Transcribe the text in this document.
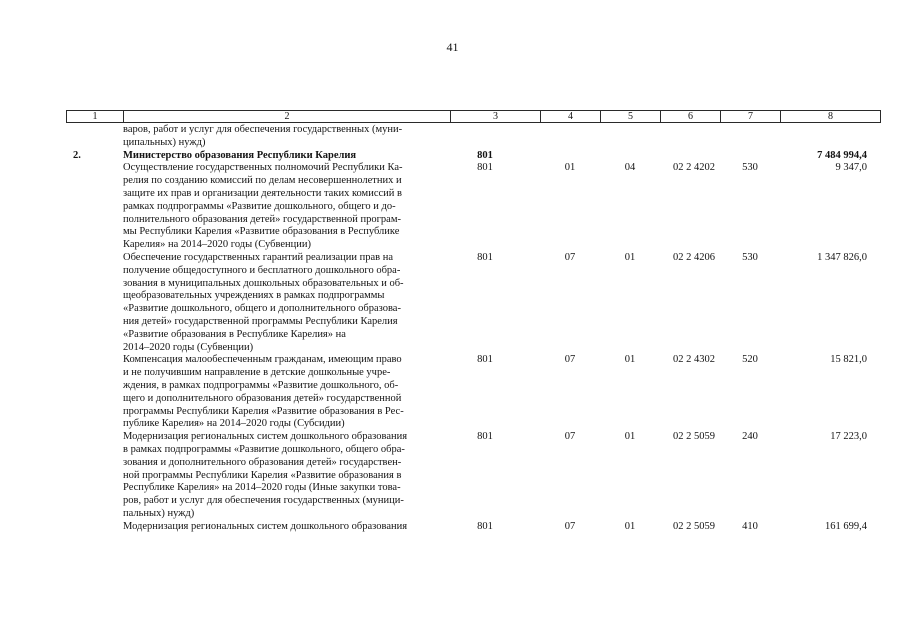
41
1	2	3	4	5	6	7	8
варов, работ и услуг для обеспечения государственных (муни-
ципальных) нужд)
2.	Министерство образования Республики Карелия	801	7 484 994,4
Осуществление государственных полномочий Республики Ка-
релия по созданию комиссий по делам несовершеннолетних и
защите их прав и организации деятельности таких комиссий в
рамках подпрограммы «Развитие дошкольного, общего и до-
полнительного образования детей» государственной програм-
мы Республики Карелия «Развитие образования в Республике
Карелия» на 2014–2020 годы (Субвенции)
801	01	04	02 2 4202	530	9 347,0
Обеспечение государственных гарантий реализации прав на
получение общедоступного и бесплатного дошкольного обра-
зования в муниципальных дошкольных образовательных и об-
щеобразовательных учреждениях в рамках подпрограммы
«Развитие дошкольного, общего и дополнительного образова-
ния детей» государственной программы Республики Карелия
«Развитие образования в Республике Карелия» на
2014–2020 годы (Субвенции)
801	07	01	02 2 4206	530	1 347 826,0
Компенсация малообеспеченным гражданам, имеющим право
и не получившим направление в детские дошкольные учре-
ждения, в рамках подпрограммы «Развитие дошкольного, об-
щего и дополнительного образования детей» государственной
программы Республики Карелия «Развитие образования в Рес-
публике Карелия» на 2014–2020 годы (Субсидии)
801	07	01	02 2 4302	520	15 821,0
Модернизация региональных систем дошкольного образования
в рамках подпрограммы «Развитие дошкольного, общего обра-
зования и дополнительного образования детей» государствен-
ной программы Республики Карелия «Развитие образования в
Республике Карелия» на 2014–2020 годы (Иные закупки това-
ров, работ и услуг для обеспечения государственных (муници-
пальных) нужд)
801	07	01	02 2 5059	240	17 223,0
Модернизация региональных систем дошкольного образования	801	07	01	02 2 5059	410	161 699,4
